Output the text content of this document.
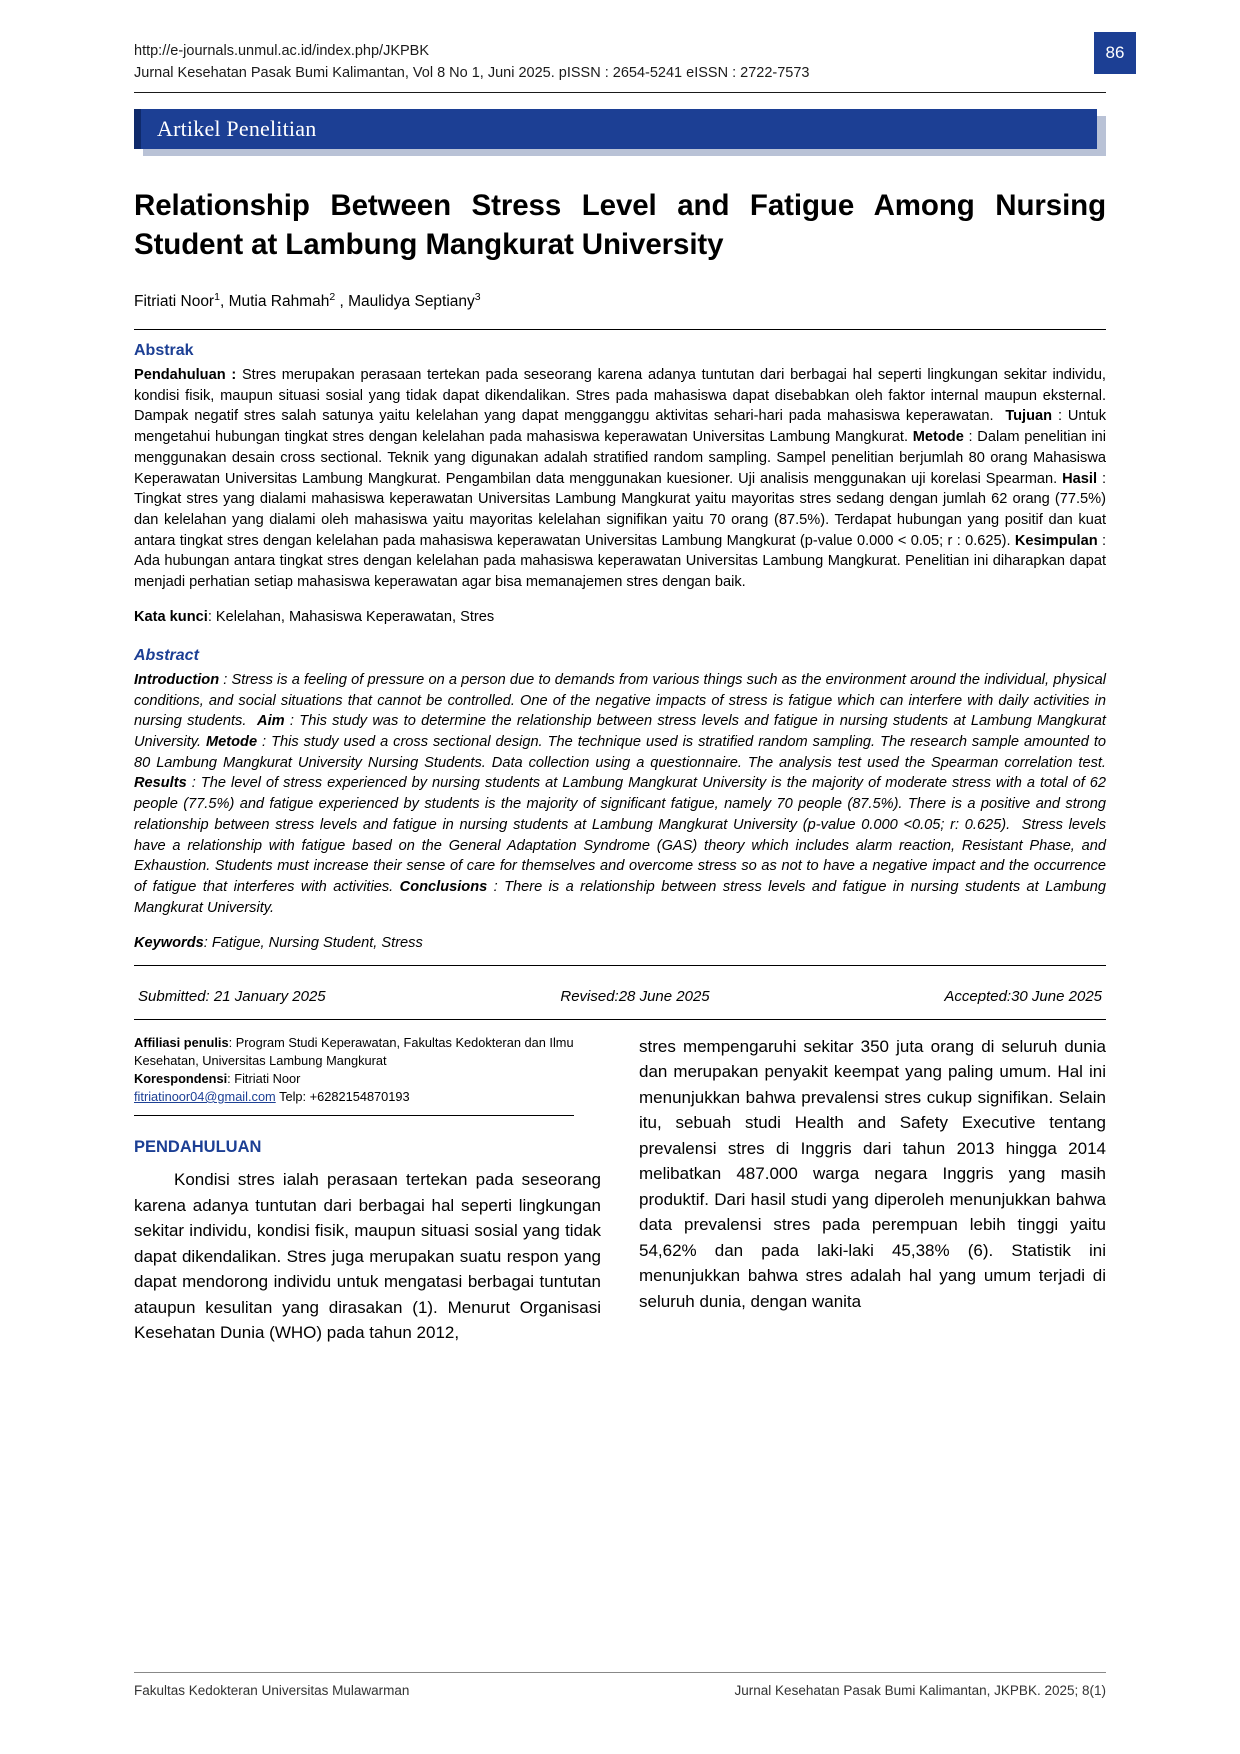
http://e-journals.unmul.ac.id/index.php/JKPBK
Jurnal Kesehatan Pasak Bumi Kalimantan, Vol 8 No 1, Juni 2025. pISSN : 2654-5241 eISSN : 2722-7573
86
Artikel Penelitian
Relationship Between Stress Level and Fatigue Among Nursing Student at Lambung Mangkurat University
Fitriati Noor$^1$, Mutia Rahmah$^2$ , Maulidya Septiany$^3$
Abstrak
Pendahuluan : Stres merupakan perasaan tertekan pada seseorang karena adanya tuntutan dari berbagai hal seperti lingkungan sekitar individu, kondisi fisik, maupun situasi sosial yang tidak dapat dikendalikan. Stres pada mahasiswa dapat disebabkan oleh faktor internal maupun eksternal. Dampak negatif stres salah satunya yaitu kelelahan yang dapat mengganggu aktivitas sehari-hari pada mahasiswa keperawatan.  Tujuan : Untuk mengetahui hubungan tingkat stres dengan kelelahan pada mahasiswa keperawatan Universitas Lambung Mangkurat. Metode : Dalam penelitian ini menggunakan desain cross sectional. Teknik yang digunakan adalah stratified random sampling. Sampel penelitian berjumlah 80 orang Mahasiswa Keperawatan Universitas Lambung Mangkurat. Pengambilan data menggunakan kuesioner. Uji analisis menggunakan uji korelasi Spearman. Hasil : Tingkat stres yang dialami mahasiswa keperawatan Universitas Lambung Mangkurat yaitu mayoritas stres sedang dengan jumlah 62 orang (77.5%) dan kelelahan yang dialami oleh mahasiswa yaitu mayoritas kelelahan signifikan yaitu 70 orang (87.5%). Terdapat hubungan yang positif dan kuat antara tingkat stres dengan kelelahan pada mahasiswa keperawatan Universitas Lambung Mangkurat (p-value 0.000 < 0.05; r : 0.625). Kesimpulan : Ada hubungan antara tingkat stres dengan kelelahan pada mahasiswa keperawatan Universitas Lambung Mangkurat. Penelitian ini diharapkan dapat menjadi perhatian setiap mahasiswa keperawatan agar bisa memanajemen stres dengan baik.
Kata kunci: Kelelahan, Mahasiswa Keperawatan, Stres
Abstract
Introduction : Stress is a feeling of pressure on a person due to demands from various things such as the environment around the individual, physical conditions, and social situations that cannot be controlled. One of the negative impacts of stress is fatigue which can interfere with daily activities in nursing students.  Aim : This study was to determine the relationship between stress levels and fatigue in nursing students at Lambung Mangkurat University. Metode : This study used a cross sectional design. The technique used is stratified random sampling. The research sample amounted to 80 Lambung Mangkurat University Nursing Students. Data collection using a questionnaire. The analysis test used the Spearman correlation test. Results : The level of stress experienced by nursing students at Lambung Mangkurat University is the majority of moderate stress with a total of 62 people (77.5%) and fatigue experienced by students is the majority of significant fatigue, namely 70 people (87.5%). There is a positive and strong relationship between stress levels and fatigue in nursing students at Lambung Mangkurat University (p-value 0.000 <0.05; r: 0.625).  Stress levels have a relationship with fatigue based on the General Adaptation Syndrome (GAS) theory which includes alarm reaction, Resistant Phase, and Exhaustion. Students must increase their sense of care for themselves and overcome stress so as not to have a negative impact and the occurrence of fatigue that interferes with activities. Conclusions : There is a relationship between stress levels and fatigue in nursing students at Lambung Mangkurat University.
Keywords: Fatigue, Nursing Student, Stress
Submitted: 21 January 2025	Revised:28 June 2025	Accepted:30 June 2025
Affiliasi penulis: Program Studi Keperawatan, Fakultas Kedokteran dan Ilmu Kesehatan, Universitas Lambung Mangkurat
Korespondensi: Fitriati Noor
fitriatinoor04@gmail.com Telp: +6282154870193
PENDAHULUAN
Kondisi stres ialah perasaan tertekan pada seseorang karena adanya tuntutan dari berbagai hal seperti lingkungan sekitar individu, kondisi fisik, maupun situasi sosial yang tidak dapat dikendalikan. Stres juga merupakan suatu respon yang dapat mendorong individu untuk mengatasi berbagai tuntutan ataupun kesulitan yang dirasakan (1). Menurut Organisasi Kesehatan Dunia (WHO) pada tahun 2012,
stres mempengaruhi sekitar 350 juta orang di seluruh dunia dan merupakan penyakit keempat yang paling umum. Hal ini menunjukkan bahwa prevalensi stres cukup signifikan. Selain itu, sebuah studi Health and Safety Executive tentang prevalensi stres di Inggris dari tahun 2013 hingga 2014 melibatkan 487.000 warga negara Inggris yang masih produktif. Dari hasil studi yang diperoleh menunjukkan bahwa data prevalensi stres pada perempuan lebih tinggi yaitu 54,62% dan pada laki-laki 45,38% (6). Statistik ini menunjukkan bahwa stres adalah hal yang umum terjadi di seluruh dunia, dengan wanita
Fakultas Kedokteran Universitas Mulawarman	Jurnal Kesehatan Pasak Bumi Kalimantan, JKPBK. 2025; 8(1)
